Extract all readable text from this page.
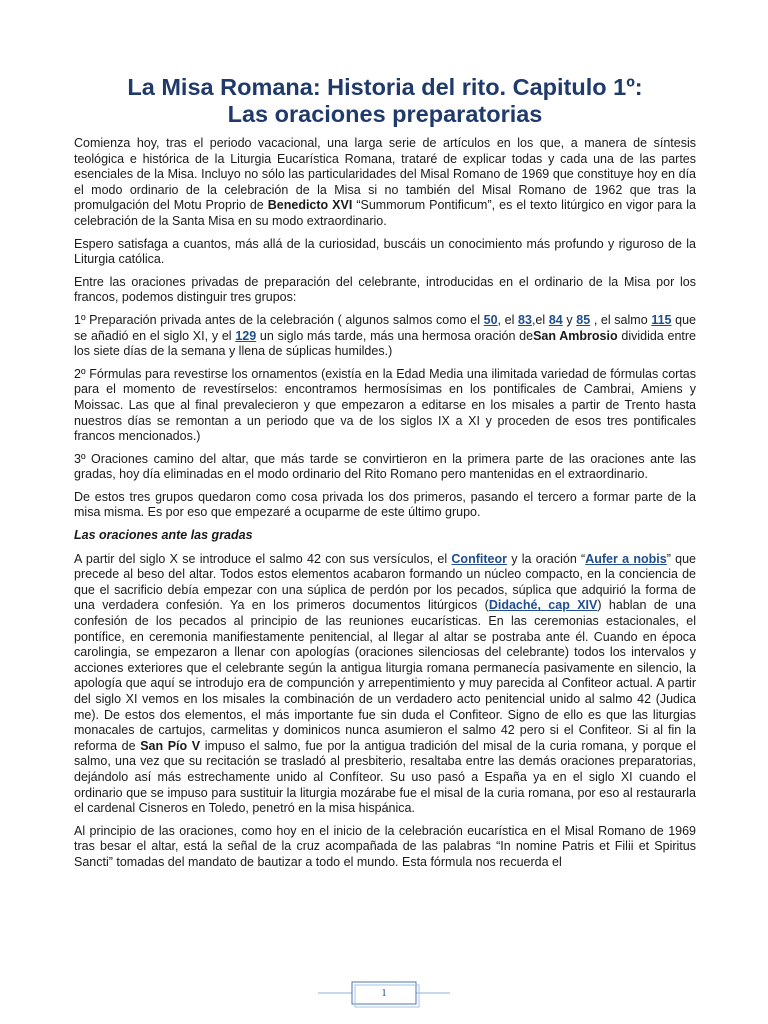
La Misa Romana: Historia del rito. Capitulo 1º:
Las oraciones preparatorias

Comienza hoy, tras el periodo vacacional, una larga serie de artículos en los que, a manera de síntesis teológica e histórica de la Liturgia Eucarística Romana, trataré de explicar todas y cada una de las partes esenciales de la Misa. Incluyo no sólo las particularidades del Misal Romano de 1969 que constituye hoy en día el modo ordinario de la celebración de la Misa si no también del Misal Romano de 1962 que tras la promulgación del Motu Proprio de Benedicto XVI “Summorum Pontificum”, es el texto litúrgico en vigor para la celebración de la Santa Misa en su modo extraordinario.

Espero satisfaga a cuantos, más allá de la curiosidad, buscáis un conocimiento más profundo y riguroso de la Liturgia católica.

Entre las oraciones privadas de preparación del celebrante, introducidas en el ordinario de la Misa por los francos, podemos distinguir tres grupos:

1º Preparación privada antes de la celebración ( algunos salmos como el 50, el 83,el 84 y 85 , el salmo 115 que se añadió en el siglo XI, y el 129 un siglo más tarde, más una hermosa oración deSan Ambrosio dividida entre los siete días de la semana y llena de súplicas humildes.)

2º Fórmulas para revestirse los ornamentos (existía en la Edad Media una ilimitada variedad de fórmulas cortas para el momento de revestírselos: encontramos hermosísimas en los pontificales de Cambrai, Amiens y Moissac. Las que al final prevalecieron y que empezaron a editarse en los misales a partir de Trento hasta nuestros días se remontan a un periodo que va de los siglos IX a XI y proceden de esos tres pontificales francos mencionados.)

3º Oraciones camino del altar, que más tarde se convirtieron en la primera parte de las oraciones ante las gradas, hoy día eliminadas en el modo ordinario del Rito Romano pero mantenidas en el extraordinario.

De estos tres grupos quedaron como cosa privada los dos primeros, pasando el tercero a formar parte de la misa misma. Es por eso que empezaré a ocuparme de este último grupo.

Las oraciones ante las gradas

A partir del siglo X se introduce el salmo 42 con sus versículos, el Confiteor y la oración “Aufer a nobis” que precede al beso del altar. Todos estos elementos acabaron formando un núcleo compacto, en la conciencia de que el sacrificio debía empezar con una súplica de perdón por los pecados, súplica que adquirió la forma de una verdadera confesión. Ya en los primeros documentos litúrgicos (Didaché, cap XIV) hablan de una confesión de los pecados al principio de las reuniones eucarísticas. En las ceremonias estacionales, el pontífice, en ceremonia manifiestamente penitencial, al llegar al altar se postraba ante él. Cuando en época carolingia, se empezaron a llenar con apologías (oraciones silenciosas del celebrante) todos los intervalos y acciones exteriores que el celebrante según la antigua liturgia romana permanecía pasivamente en silencio, la apología que aquí se introdujo era de compunción y arrepentimiento y muy parecida al Confiteor actual. A partir del siglo XI vemos en los misales la combinación de un verdadero acto penitencial unido al salmo 42 (Judica me). De estos dos elementos, el más importante fue sin duda el Confiteor. Signo de ello es que las liturgias monacales de cartujos, carmelitas y dominicos nunca asumieron el salmo 42 pero si el Confiteor. Si al fin la reforma de San Pío V impuso el salmo, fue por la antigua tradición del misal de la curia romana, y porque el salmo, una vez que su recitación se trasladó al presbiterio, resaltaba entre las demás oraciones preparatorias, dejándolo así más estrechamente unido al Confíteor. Su uso pasó a España ya en el siglo XI cuando el ordinario que se impuso para sustituir la liturgia mozárabe fue el misal de la curia romana, por eso al restaurarla el cardenal Cisneros en Toledo, penetró en la misa hispánica.

Al principio de las oraciones, como hoy en el inicio de la celebración eucarística en el Misal Romano de 1969 tras besar el altar, está la señal de la cruz acompañada de las palabras “In nomine Patris et Filii et Spiritus Sancti” tomadas del mandato de bautizar a todo el mundo. Esta fórmula nos recuerda el

1
